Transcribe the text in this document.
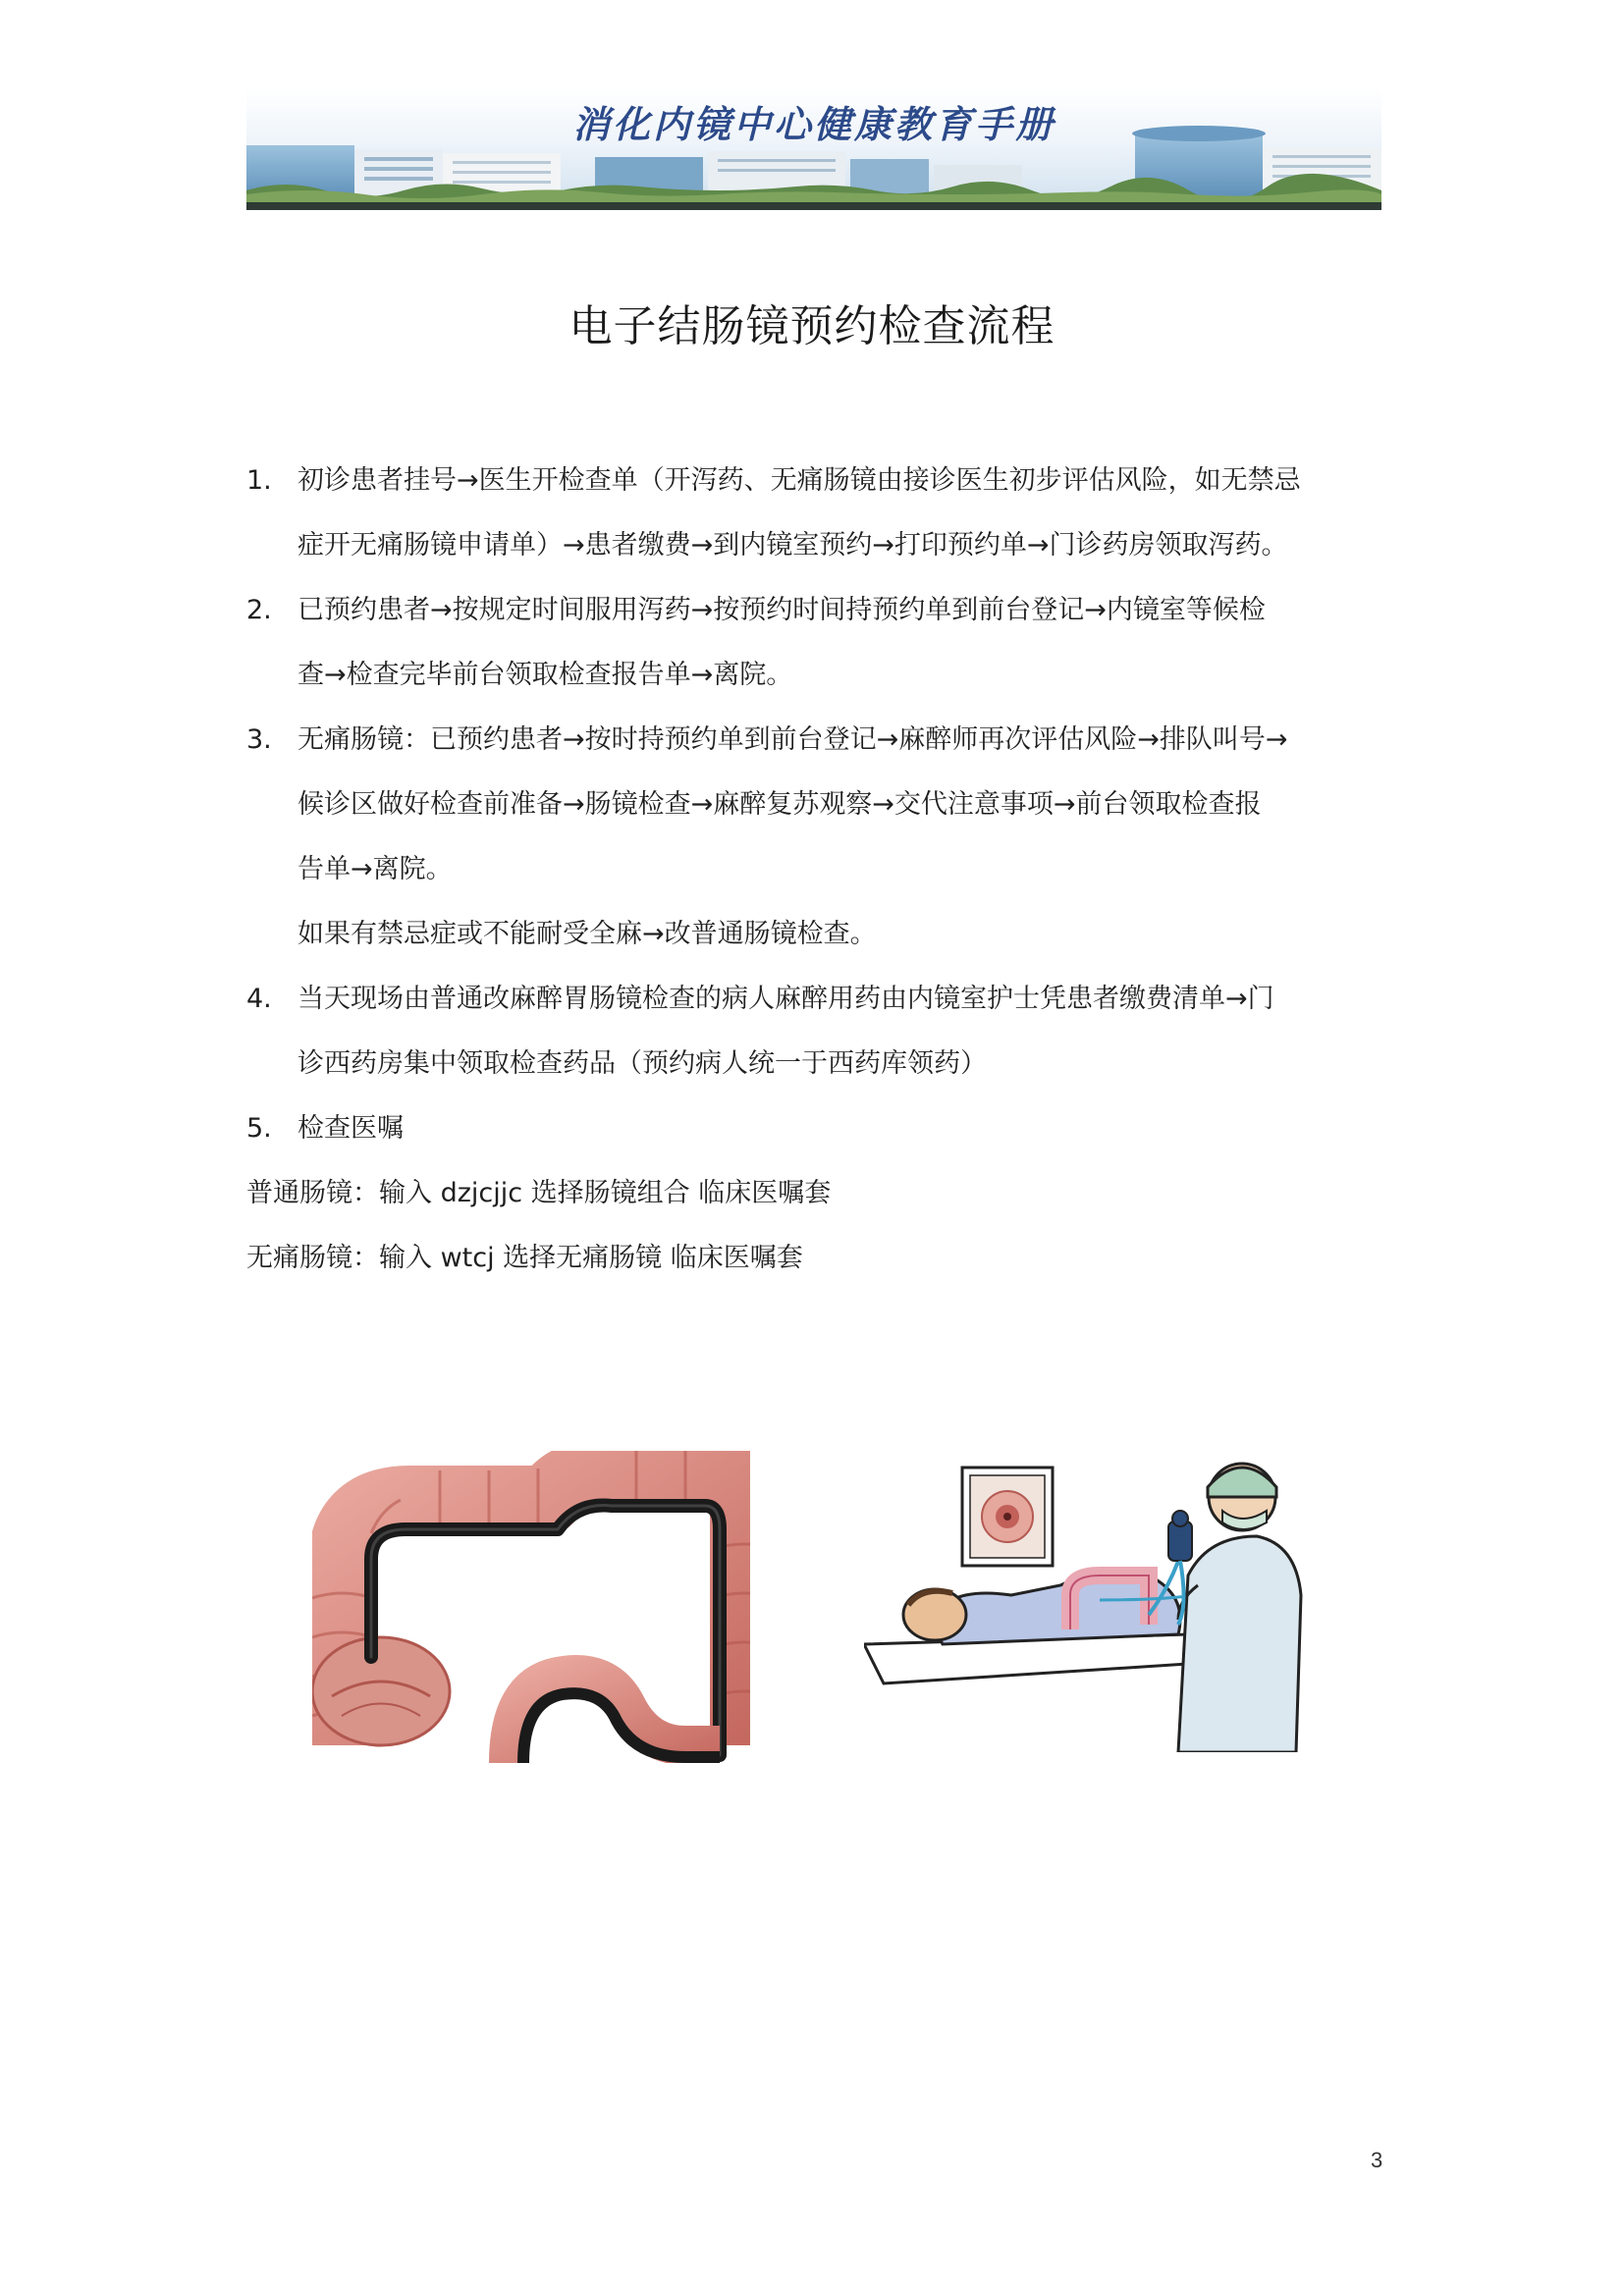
消化内镜中心健康教育手册
电子结肠镜预约检查流程
1. 初诊患者挂号→医生开检查单（开泻药、无痛肠镜由接诊医生初步评估风险，如无禁忌
症开无痛肠镜申请单）→患者缴费→到内镜室预约→打印预约单→门诊药房领取泻药。
2. 已预约患者→按规定时间服用泻药→按预约时间持预约单到前台登记→内镜室等候检
查→检查完毕前台领取检查报告单→离院。
3. 无痛肠镜：已预约患者→按时持预约单到前台登记→麻醉师再次评估风险→排队叫号→
候诊区做好检查前准备→肠镜检查→麻醉复苏观察→交代注意事项→前台领取检查报
告单→离院。
如果有禁忌症或不能耐受全麻→改普通肠镜检查。
4. 当天现场由普通改麻醉胃肠镜检查的病人麻醉用药由内镜室护士凭患者缴费清单→门
诊西药房集中领取检查药品（预约病人统一于西药库领药）
5. 检查医嘱
普通肠镜：输入 dzjcjjc 选择肠镜组合 临床医嘱套
无痛肠镜：输入 wtcj 选择无痛肠镜 临床医嘱套
3
